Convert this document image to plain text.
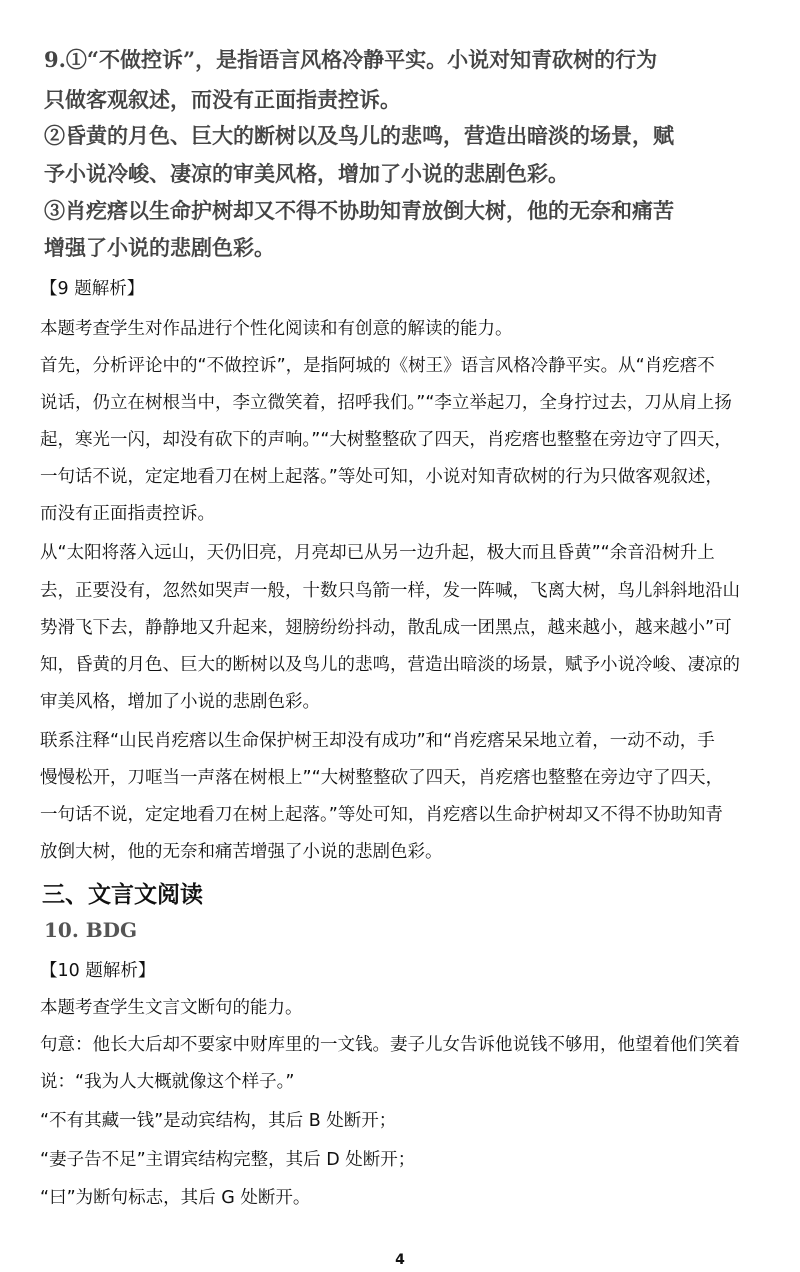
9.①“不做控诉”，是指语言风格冷静平实。小说对知青砍树的行为
只做客观叙述，而没有正面指责控诉。
②昏黄的月色、巨大的断树以及鸟儿的悲鸣，营造出暗淡的场景，赋
予小说冷峻、凄凉的审美风格，增加了小说的悲剧色彩。
③肖疙瘩以生命护树却又不得不协助知青放倒大树，他的无奈和痛苦
增强了小说的悲剧色彩。
【9 题解析】
本题考查学生对作品进行个性化阅读和有创意的解读的能力。
首先，分析评论中的“不做控诉”，是指阿城的《树王》语言风格冷静平实。从“肖疙瘩不
说话，仍立在树根当中，李立微笑着，招呼我们。”“李立举起刀，全身拧过去，刀从肩上扬
起，寒光一闪，却没有砍下的声响。”“大树整整砍了四天，肖疙瘩也整整在旁边守了四天，
一句话不说，定定地看刀在树上起落。”等处可知，小说对知青砍树的行为只做客观叙述，
而没有正面指责控诉。
从“太阳将落入远山，天仍旧亮，月亮却已从另一边升起，极大而且昏黄”“余音沿树升上
去，正要没有，忽然如哭声一般，十数只鸟箭一样，发一阵喊，飞离大树，鸟儿斜斜地沿山
势滑飞下去，静静地又升起来，翅膀纷纷抖动，散乱成一团黑点，越来越小，越来越小”可
知，昏黄的月色、巨大的断树以及鸟儿的悲鸣，营造出暗淡的场景，赋予小说冷峻、凄凉的
审美风格，增加了小说的悲剧色彩。
联系注释“山民肖疙瘩以生命保护树王却没有成功”和“肖疙瘩呆呆地立着，一动不动，手
慢慢松开，刀哐当一声落在树根上”“大树整整砍了四天，肖疙瘩也整整在旁边守了四天，
一句话不说，定定地看刀在树上起落。”等处可知，肖疙瘩以生命护树却又不得不协助知青
放倒大树，他的无奈和痛苦增强了小说的悲剧色彩。
三、文言文阅读
10. BDG
【10 题解析】
本题考查学生文言文断句的能力。
句意：他长大后却不要家中财库里的一文钱。妻子儿女告诉他说钱不够用，他望着他们笑着
说：“我为人大概就像这个样子。”
“不有其藏一钱”是动宾结构，其后 B 处断开；
“妻子告不足”主谓宾结构完整，其后 D 处断开；
“曰”为断句标志，其后 G 处断开。
4
